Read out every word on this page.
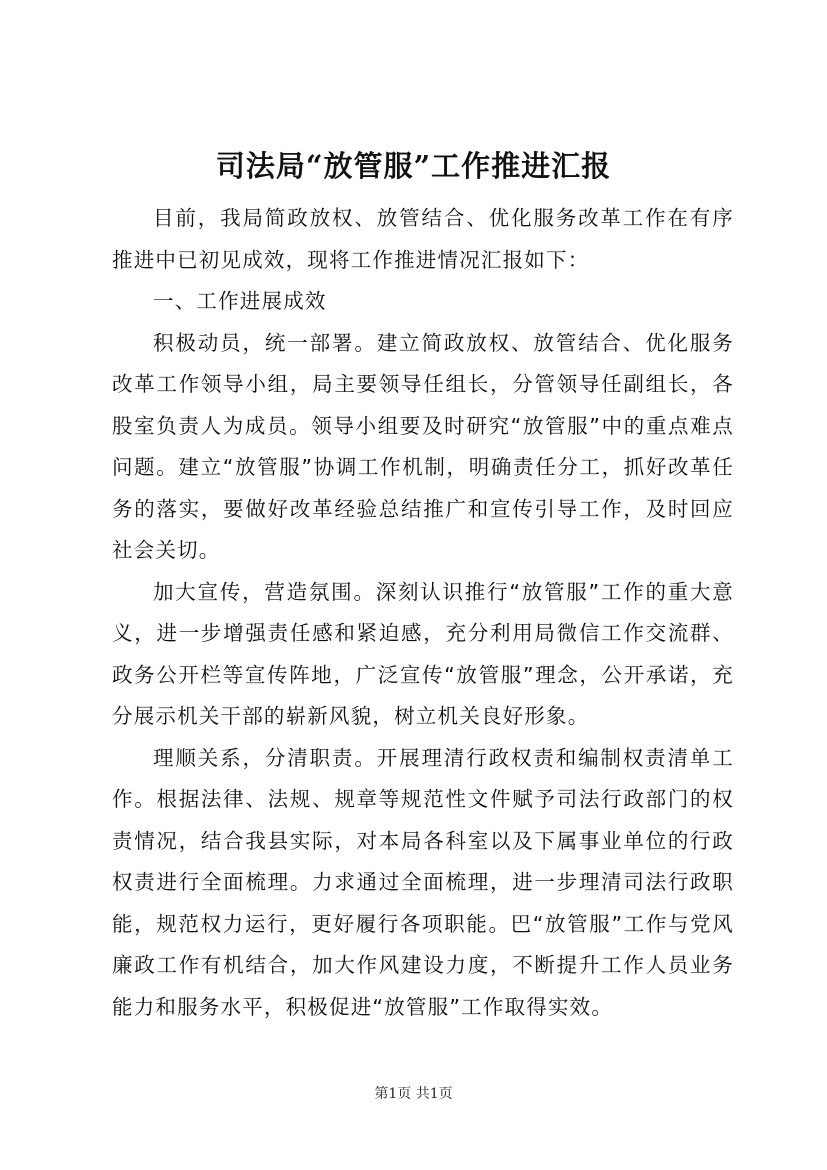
司法局“放管服”工作推进汇报

目前，我局简政放权、放管结合、优化服务改革工作在有序推进中已初见成效，现将工作推进情况汇报如下：

一、工作进展成效

积极动员，统一部署。建立简政放权、放管结合、优化服务改革工作领导小组，局主要领导任组长，分管领导任副组长，各股室负责人为成员。领导小组要及时研究“放管服”中的重点难点问题。建立“放管服”协调工作机制，明确责任分工，抓好改革任务的落实，要做好改革经验总结推广和宣传引导工作，及时回应社会关切。

加大宣传，营造氛围。深刻认识推行“放管服”工作的重大意义，进一步增强责任感和紧迫感，充分利用局微信工作交流群、政务公开栏等宣传阵地，广泛宣传“放管服”理念，公开承诺，充分展示机关干部的崭新风貌，树立机关良好形象。

理顺关系，分清职责。开展理清行政权责和编制权责清单工作。根据法律、法规、规章等规范性文件赋予司法行政部门的权责情况，结合我县实际，对本局各科室以及下属事业单位的行政权责进行全面梳理。力求通过全面梳理，进一步理清司法行政职能，规范权力运行，更好履行各项职能。巴“放管服”工作与党风廉政工作有机结合，加大作风建设力度，不断提升工作人员业务能力和服务水平，积极促进“放管服”工作取得实效。

第1页 共1页
